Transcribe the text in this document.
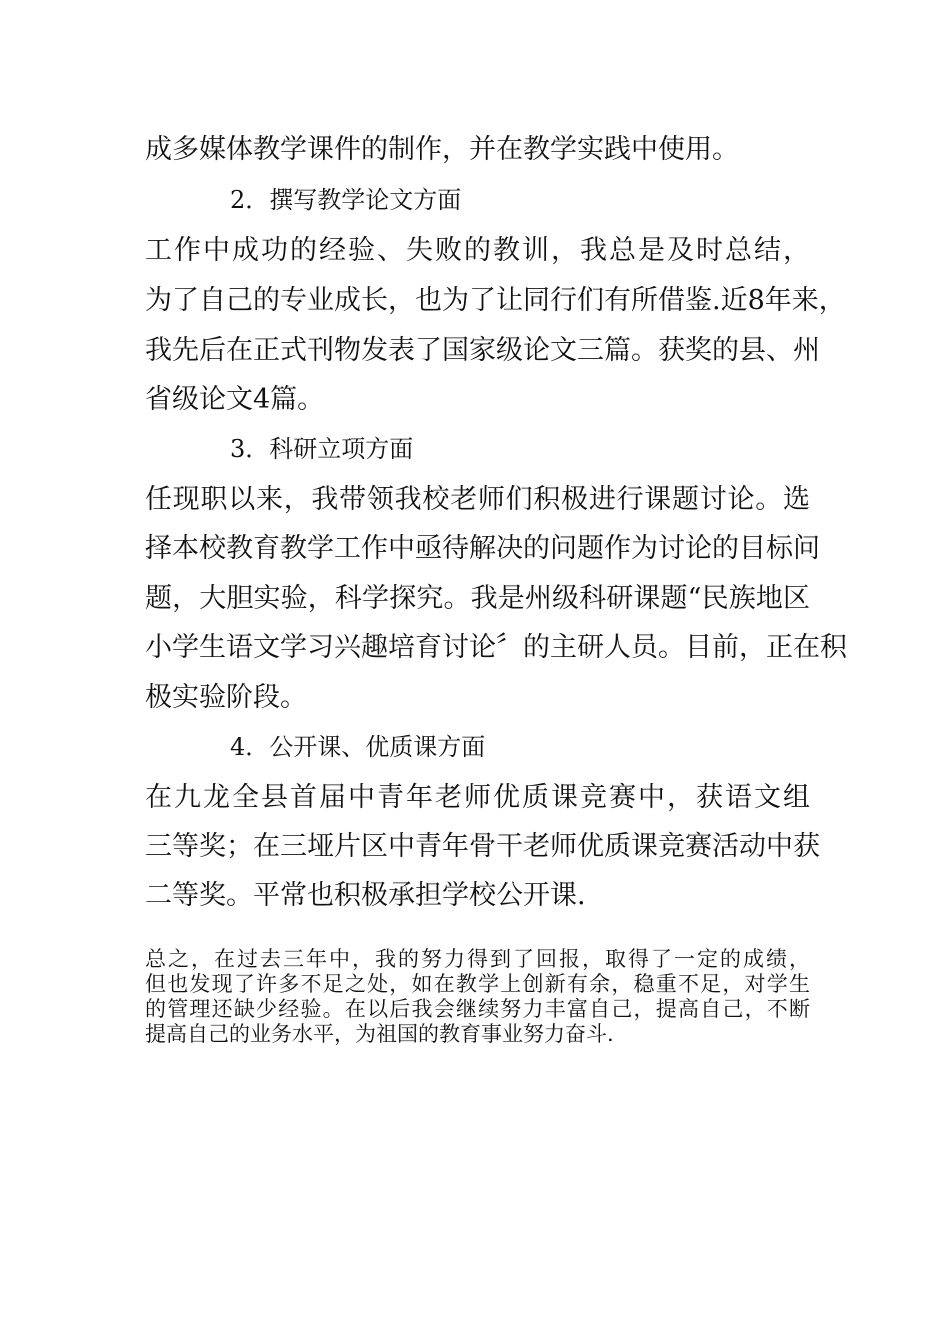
成多媒体教学课件的制作，并在教学实践中使用。
2．撰写教学论文方面
工作中成功的经验、失败的教训，我总是及时总结，
为了自己的专业成长，也为了让同行们有所借鉴.近8年来，
我先后在正式刊物发表了国家级论文三篇。获奖的县、州
省级论文4篇。
3．科研立项方面
任现职以来，我带领我校老师们积极进行课题讨论。选
择本校教育教学工作中亟待解决的问题作为讨论的目标问
题，大胆实验，科学探究。我是州级科研课题“民族地区
小学生语文学习兴趣培育讨论〞的主研人员。目前，正在积
极实验阶段。
4．公开课、优质课方面
在九龙全县首届中青年老师优质课竞赛中，获语文组
三等奖；在三垭片区中青年骨干老师优质课竞赛活动中获
二等奖。平常也积极承担学校公开课.
总之，在过去三年中，我的努力得到了回报，取得了一定的成绩，
但也发现了许多不足之处，如在教学上创新有余，稳重不足，对学生
的管理还缺少经验。在以后我会继续努力丰富自己，提高自己，不断
提高自己的业务水平，为祖国的教育事业努力奋斗.
